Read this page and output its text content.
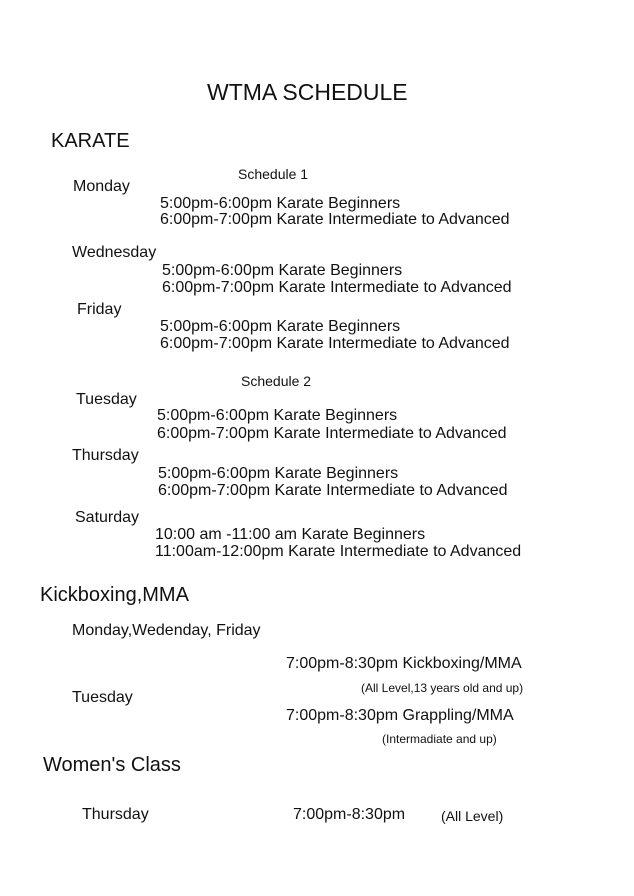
WTMA SCHEDULE
KARATE
Schedule 1
Monday
5:00pm-6:00pm Karate Beginners
6:00pm-7:00pm Karate Intermediate to Advanced
Wednesday
5:00pm-6:00pm Karate Beginners
6:00pm-7:00pm Karate Intermediate to Advanced
Friday
5:00pm-6:00pm Karate Beginners
6:00pm-7:00pm Karate Intermediate to Advanced
Schedule 2
Tuesday
5:00pm-6:00pm Karate Beginners
6:00pm-7:00pm Karate Intermediate to Advanced
Thursday
5:00pm-6:00pm Karate Beginners
6:00pm-7:00pm Karate Intermediate to Advanced
Saturday
10:00 am -11:00 am Karate Beginners
11:00am-12:00pm Karate Intermediate to Advanced
Kickboxing,MMA
Monday,Wedenday, Friday
7:00pm-8:30pm Kickboxing/MMA
(All Level,13 years old and up)
Tuesday
7:00pm-8:30pm Grappling/MMA
(Intermadiate and up)
Women's Class
Thursday	7:00pm-8:30pm	(All Level)
